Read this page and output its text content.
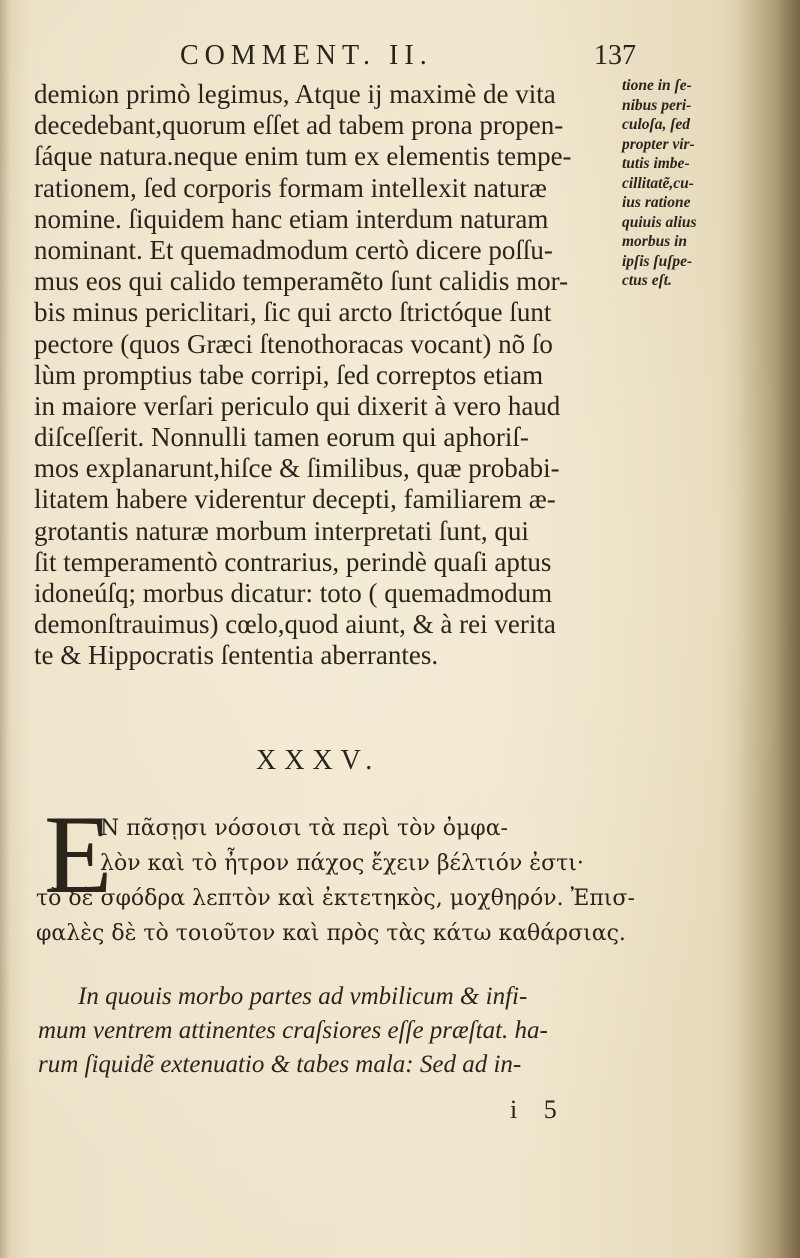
COMMENT. II.	137
demiωn primò legimus, Atque ij maximè de vita
decedebant,quorum eſſet ad tabem prona propen-
ſáque natura.neque enim tum ex elementis tempe-
rationem, ſed corporis formam intellexit naturæ
nomine. ſiquidem hanc etiam interdum naturam
nominant. Et quemadmodum certò dicere poſſu-
mus eos qui calido temperamẽto ſunt calidis mor-
bis minus periclitari, ſic qui arcto ſtrictóque ſunt
pectore (quos Græci ſtenothoracas vocant) nõ ſo
lùm promptius tabe corripi, ſed correptos etiam
in maiore verſari periculo qui dixerit à vero haud
diſceſſerit. Nonnulli tamen eorum qui aphoriſ-
mos explanarunt,hiſce & ſimilibus, quæ probabi-
litatem habere viderentur decepti, familiarem æ-
grotantis naturæ morbum interpretati ſunt, qui
ſit temperamentò contrarius, perindè quaſi aptus
idoneúſq; morbus dicatur: toto ( quemadmodum
demonſtrauimus) cœlo,quod aiunt, & à rei verita
te & Hippocratis ſententia aberrantes.
tione in ſe-
nibus peri-
culoſa, ſed
propter vir-
tutis imbe-
cillitatẽ,cu-
ius ratione
quiuis alius
morbus in
ipſis ſuſpe-
ctus eſt.
XXXV.
E
Ν πᾶσῃσι νόσοισι τὰ περὶ τὸν ὀμφα-
λὸν καὶ τὸ ἦτρον πάχος ἔχειν βέλτιόν ἐστι·
τὸ δὲ σφόδρα λεπτὸν καὶ ἐκτετηκὸς, μοχθηρόν. Ἐπισ-
φαλὲς δὲ τὸ τοιοῦτον καὶ πρὸς τὰς κάτω καθάρσιας.
In quouis morbo partes ad vmbilicum & infi-
mum ventrem attinentes craſsiores eſſe præſtat. ha-
rum ſiquidẽ extenuatio & tabes mala: Sed ad in-
i 5
